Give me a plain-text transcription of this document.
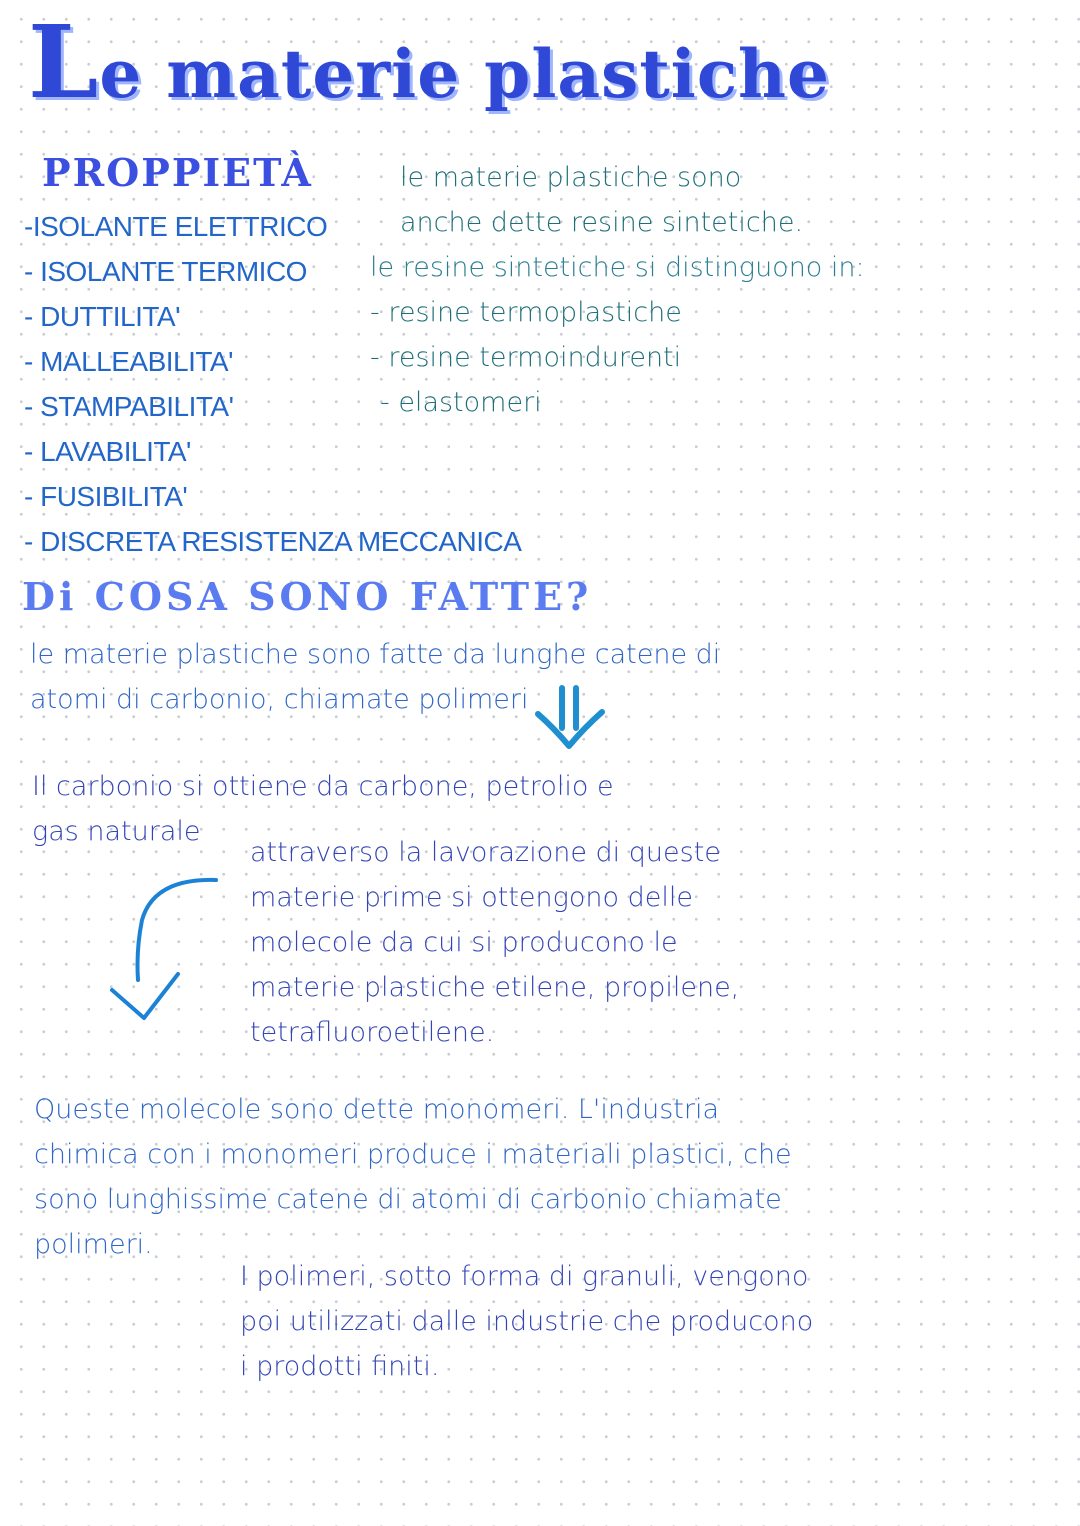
Le materie plastiche
PROPPIETÀ
-ISOLANTE ELETTRICO
- ISOLANTE TERMICO
- DUTTILITA'
- MALLEABILITA'
- STAMPABILITA'
- LAVABILITA'
- FUSIBILITA'
- DISCRETA RESISTENZA MECCANICA
le materie plastiche sono
anche dette resine sintetiche.
le resine sintetiche si distinguono in:
- resine termoplastiche
- resine termoindurenti
- elastomeri
Di COSA SONO FATTE?
le materie plastiche sono fatte da lunghe catene di
atomi di carbonio, chiamate polimeri
Il carbonio si ottiene da carbone, petrolio e
gas naturale
attraverso la lavorazione di queste
materie prime si ottengono delle
molecole da cui si producono le
materie plastiche etilene, propilene,
tetrafluoroetilene.
Queste molecole sono dette monomeri. L'industria
chimica con i monomeri produce i materiali plastici, che
sono lunghissime catene di atomi di carbonio chiamate
polimeri.
I polimeri, sotto forma di granuli, vengono
poi utilizzati dalle industrie che producono
i prodotti finiti.
